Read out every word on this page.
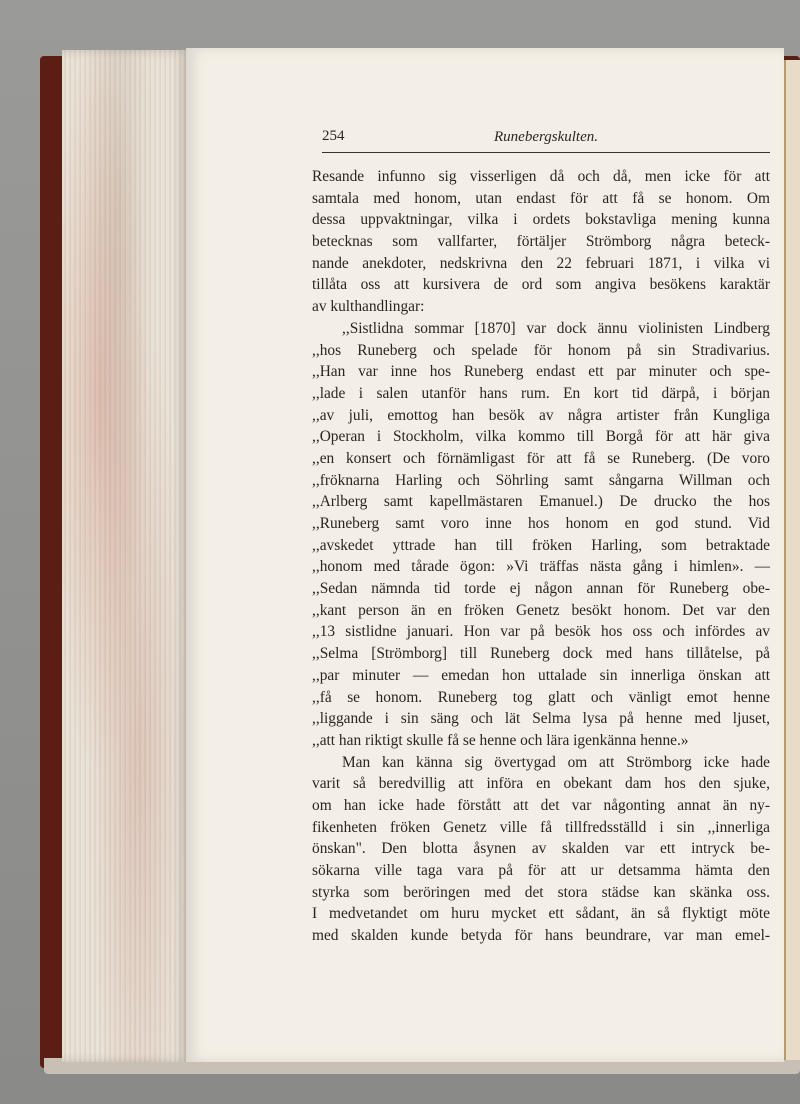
254	Runebergskulten.
Resande infunno sig visserligen då och då, men icke för att
samtala med honom, utan endast för att få se honom. Om
dessa uppvaktningar, vilka i ordets bokstavliga mening kunna
betecknas som vallfarter, förtäljer Strömborg några beteck-
nande anekdoter, nedskrivna den 22 februari 1871, i vilka vi
tillåta oss att kursivera de ord som angiva besökens karaktär
av kulthandlingar:
,,Sistlidna sommar [1870] var dock ännu violinisten Lindberg
,,hos Runeberg och spelade för honom på sin Stradivarius.
,,Han var inne hos Runeberg endast ett par minuter och spe-
,,lade i salen utanför hans rum. En kort tid därpå, i början
,,av juli, emottog han besök av några artister från Kungliga
,,Operan i Stockholm, vilka kommo till Borgå för att här giva
,,en konsert och förnämligast för att få se Runeberg. (De voro
,,fröknarna Harling och Söhrling samt sångarna Willman och
,,Arlberg samt kapellmästaren Emanuel.) De drucko the hos
,,Runeberg samt voro inne hos honom en god stund. Vid
,,avskedet yttrade han till fröken Harling, som betraktade
,,honom med tårade ögon: »Vi träffas nästa gång i himlen». —
,,Sedan nämnda tid torde ej någon annan för Runeberg obe-
,,kant person än en fröken Genetz besökt honom. Det var den
,,13 sistlidne januari. Hon var på besök hos oss och infördes av
,,Selma [Strömborg] till Runeberg dock med hans tillåtelse, på
,,par minuter — emedan hon uttalade sin innerliga önskan att
,,få se honom. Runeberg tog glatt och vänligt emot henne
,,liggande i sin säng och lät Selma lysa på henne med ljuset,
,,att han riktigt skulle få se henne och lära igenkänna henne.»
Man kan känna sig övertygad om att Strömborg icke hade
varit så beredvillig att införa en obekant dam hos den sjuke,
om han icke hade förstått att det var någonting annat än ny-
fikenheten fröken Genetz ville få tillfredsställd i sin ,,innerliga
önskan". Den blotta åsynen av skalden var ett intryck be-
sökarna ville taga vara på för att ur detsamma hämta den
styrka som beröringen med det stora städse kan skänka oss.
I medvetandet om huru mycket ett sådant, än så flyktigt möte
med skalden kunde betyda för hans beundrare, var man emel-
